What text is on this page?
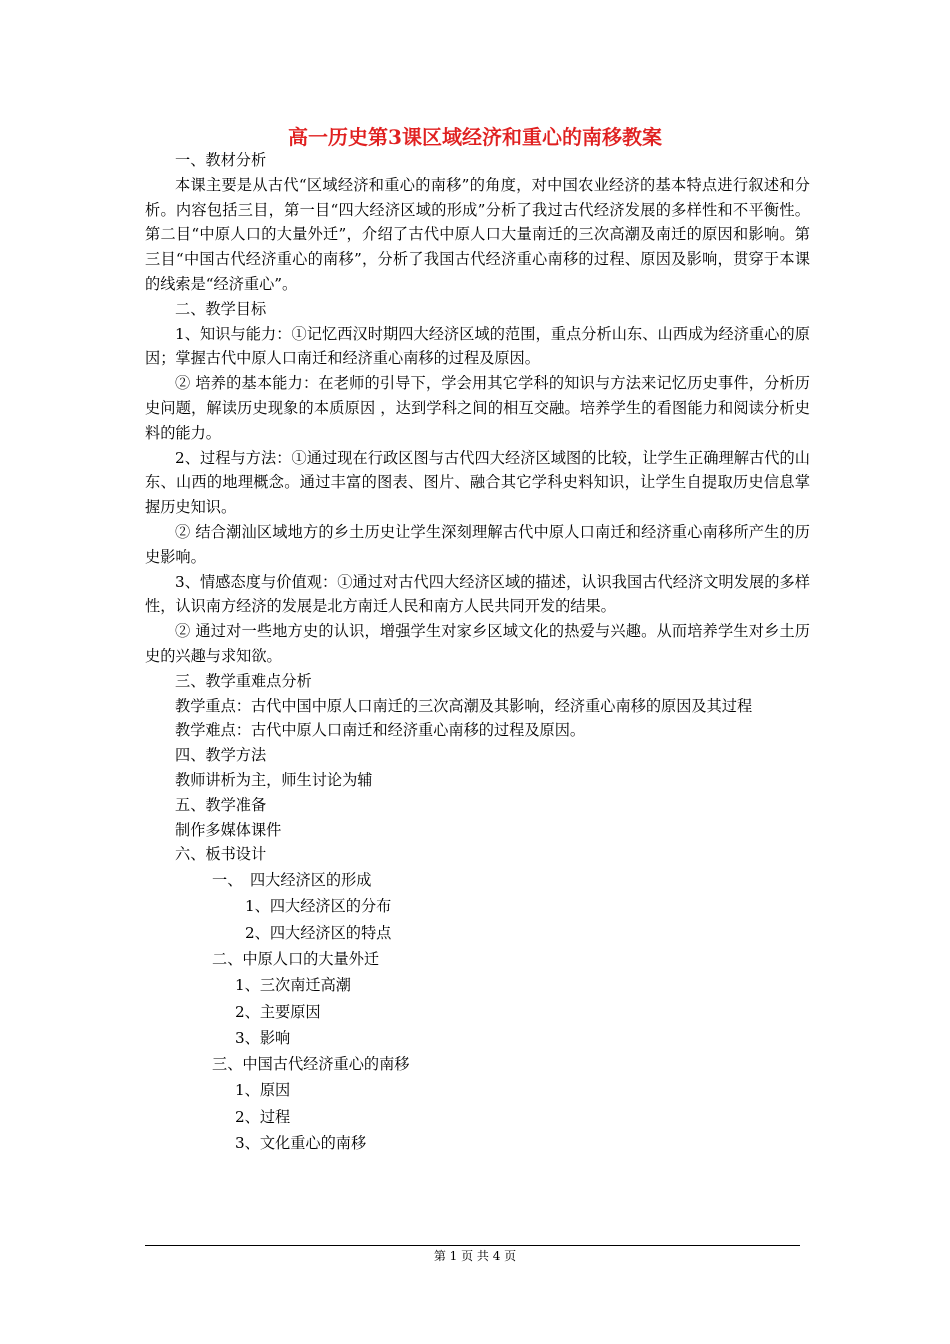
高一历史第3课区域经济和重心的南移教案

一、教材分析

本课主要是从古代“区域经济和重心的南移”的角度，对中国农业经济的基本特点进行叙述和分析。内容包括三目，第一目“四大经济区域的形成”分析了我过古代经济发展的多样性和不平衡性。第二目“中原人口的大量外迁”，介绍了古代中原人口大量南迁的三次高潮及南迁的原因和影响。第三目“中国古代经济重心的南移”，分析了我国古代经济重心南移的过程、原因及影响，贯穿于本课的线索是“经济重心”。

二、教学目标

1、知识与能力：①记忆西汉时期四大经济区域的范围，重点分析山东、山西成为经济重心的原因；掌握古代中原人口南迁和经济重心南移的过程及原因。

② 培养的基本能力：在老师的引导下，学会用其它学科的知识与方法来记忆历史事件，分析历史问题，解读历史现象的本质原因 ，达到学科之间的相互交融。培养学生的看图能力和阅读分析史料的能力。

2、过程与方法：①通过现在行政区图与古代四大经济区域图的比较，让学生正确理解古代的山东、山西的地理概念。通过丰富的图表、图片、融合其它学科史料知识，让学生自提取历史信息掌握历史知识。

② 结合潮汕区域地方的乡土历史让学生深刻理解古代中原人口南迁和经济重心南移所产生的历史影响。

3、情感态度与价值观：①通过对古代四大经济区域的描述，认识我国古代经济文明发展的多样性，认识南方经济的发展是北方南迁人民和南方人民共同开发的结果。

② 通过对一些地方史的认识，增强学生对家乡区域文化的热爱与兴趣。从而培养学生对乡土历史的兴趣与求知欲。

三、教学重难点分析

教学重点：古代中国中原人口南迁的三次高潮及其影响，经济重心南移的原因及其过程

教学难点：古代中原人口南迁和经济重心南移的过程及原因。

四、教学方法

教师讲析为主，师生讨论为辅

五、教学准备

制作多媒体课件

六、板书设计

一、　四大经济区的形成

1、四大经济区的分布

2、四大经济区的特点

二、中原人口的大量外迁

1、三次南迁高潮

2、主要原因

3、影响

三、中国古代经济重心的南移

1、原因

2、过程

3、文化重心的南移

第 1 页 共 4 页
